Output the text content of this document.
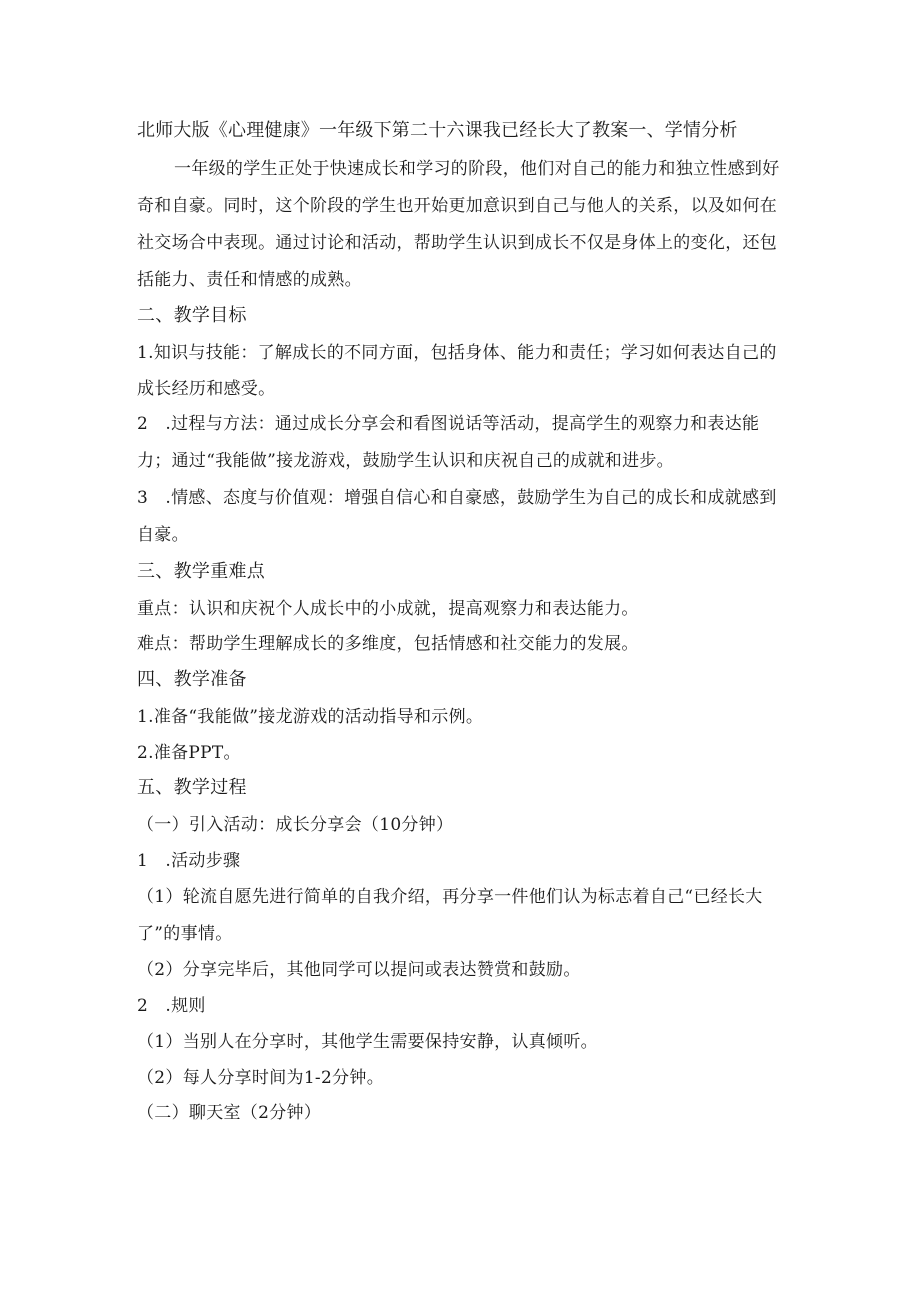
北师大版《心理健康》一年级下第二十六课我已经长大了教案一、学情分析
一年级的学生正处于快速成长和学习的阶段，他们对自己的能力和独立性感到好
奇和自豪。同时，这个阶段的学生也开始更加意识到自己与他人的关系，以及如何在
社交场合中表现。通过讨论和活动，帮助学生认识到成长不仅是身体上的变化，还包
括能力、责任和情感的成熟。
二、教学目标
1.知识与技能：了解成长的不同方面，包括身体、能力和责任；学习如何表达自己的
成长经历和感受。
2　.过程与方法：通过成长分享会和看图说话等活动，提高学生的观察力和表达能
力；通过“我能做”接龙游戏，鼓励学生认识和庆祝自己的成就和进步。
3　.情感、态度与价值观：增强自信心和自豪感，鼓励学生为自己的成长和成就感到
自豪。
三、教学重难点
重点：认识和庆祝个人成长中的小成就，提高观察力和表达能力。
难点：帮助学生理解成长的多维度，包括情感和社交能力的发展。
四、教学准备
1.准备“我能做”接龙游戏的活动指导和示例。
2.准备PPT。
五、教学过程
（一）引入活动：成长分享会（10分钟）
1　.活动步骤
（1）轮流自愿先进行简单的自我介绍，再分享一件他们认为标志着自己“已经长大
了”的事情。
（2）分享完毕后，其他同学可以提问或表达赞赏和鼓励。
2　.规则
（1）当别人在分享时，其他学生需要保持安静，认真倾听。
（2）每人分享时间为1-2分钟。
（二）聊天室（2分钟）
